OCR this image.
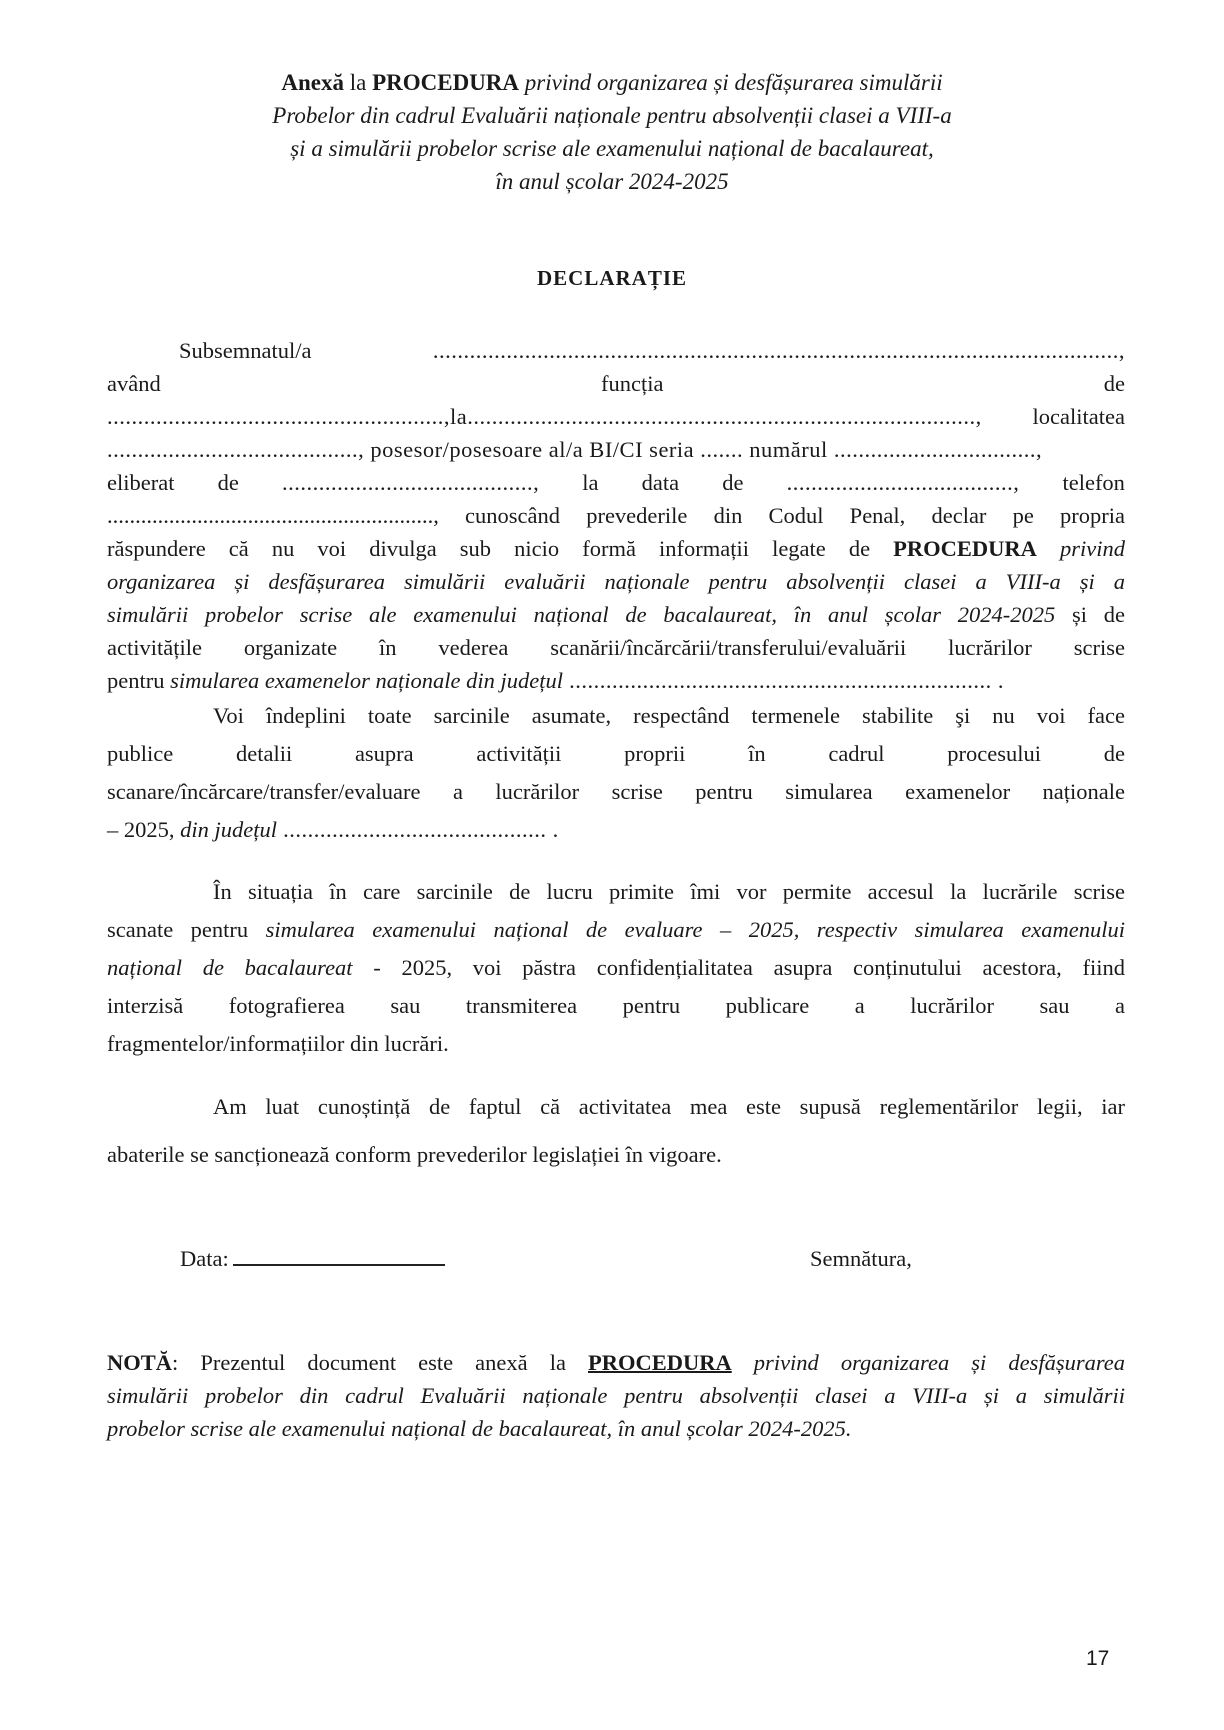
Anexă la PROCEDURA privind organizarea și desfășurarea simulării
Probelor din cadrul Evaluării naționale pentru absolvenții clasei a VIII-a
și a simulării probelor scrise ale examenului național de bacalaureat,
în anul școlar 2024-2025
DECLARAȚIE
Subsemnatul/a	................................................................................................................,
având	funcția	de
.......................................................,la..................................................................................., localitatea
........................................., posesor/posesoare al/a BI/CI seria ....... numărul .................................,
eliberat de ........................................., la data de ....................................., telefon
.........................................................., cunoscând prevederile din Codul Penal, declar pe propria
răspundere că nu voi divulga sub nicio formă informații legate de PROCEDURA privind
organizarea și desfășurarea simulării evaluării naționale pentru absolvenții clasei a VIII-a și a
simulării probelor scrise ale examenului național de bacalaureat, în anul școlar 2024-2025 și de
activitățile organizate în vederea scanării/încărcării/transferului/evaluării lucrărilor scrise
pentru simularea examenelor naționale din județul ..................................................................... .
Voi îndeplini toate sarcinile asumate, respectând termenele stabilite şi nu voi face
publice detalii asupra activității proprii în cadrul procesului de
scanare/încărcare/transfer/evaluare a lucrărilor scrise pentru simularea examenelor naționale
– 2025, din județul ........................................... .
În situația în care sarcinile de lucru primite îmi vor permite accesul la lucrările scrise
scanate pentru simularea examenului național de evaluare – 2025, respectiv simularea examenului
național de bacalaureat - 2025, voi păstra confidențialitatea asupra conținutului acestora, fiind
interzisă fotografierea sau transmiterea pentru publicare a lucrărilor sau a
fragmentelor/informațiilor din lucrări.
Am luat cunoștință de faptul că activitatea mea este supusă reglementărilor legii, iar
abaterile se sancționează conform prevederilor legislației în vigoare.
Data:	Semnătura,
NOTĂ: Prezentul document este anexă la PROCEDURA privind organizarea și desfășurarea
simulării probelor din cadrul Evaluării naționale pentru absolvenții clasei a VIII-a și a simulării
probelor scrise ale examenului național de bacalaureat, în anul școlar 2024-2025.
17
